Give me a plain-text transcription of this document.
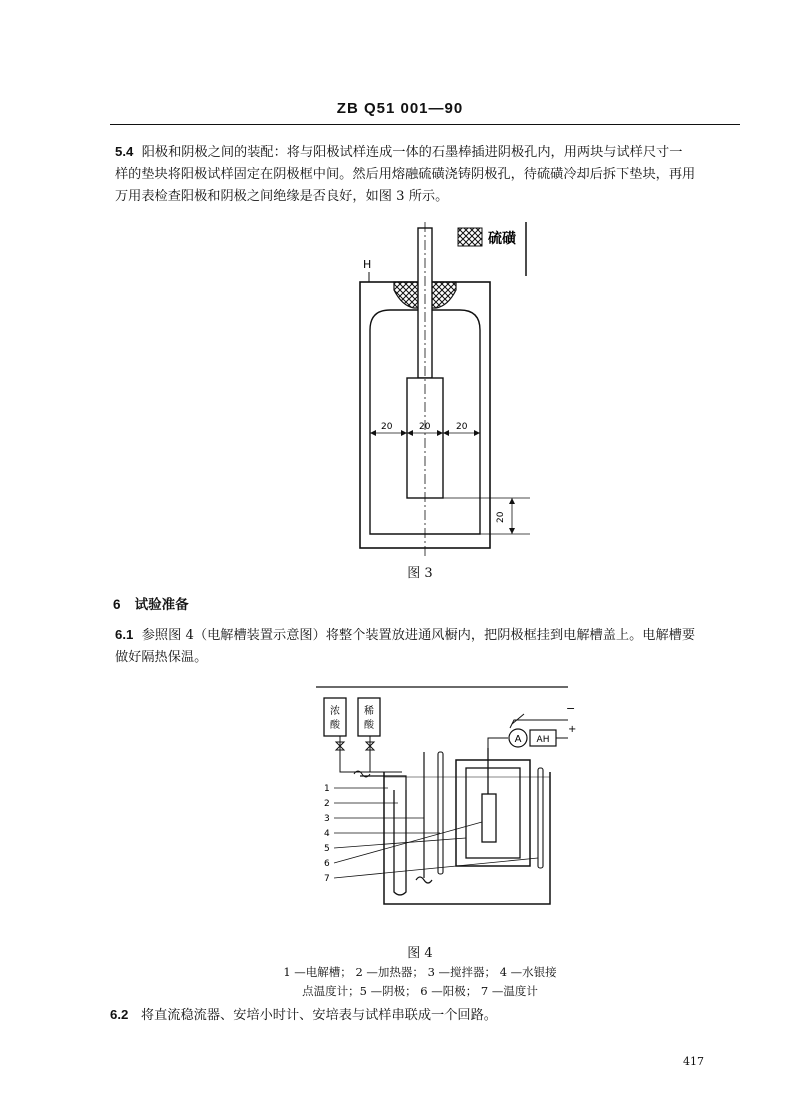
ZB Q51 001—90
5.4 阳极和阴极之间的装配：将与阳极试样连成一体的石墨棒插进阴极孔内，用两块与试样尺寸一
样的垫块将阳极试样固定在阴极框中间。然后用熔融硫磺浇铸阴极孔，待硫磺冷却后拆下垫块，再用
万用表检查阳极和阴极之间绝缘是否良好，如图 3 所示。
硫磺
H
20	20	20
20
图 3
6 试验准备
6.1 参照图 4（电解槽装置示意图）将整个装置放进通风橱内，把阴极框挂到电解槽盖上。电解槽要
做好隔热保温。
浓
酸
稀
酸
A AH
+
−
1
2
3
4
5
6
7
图 4
1 —电解槽； 2 —加热器； 3 —搅拌器； 4 —水银接
点温度计；5 —阴极； 6 —阳极； 7 —温度计
6.2 将直流稳流器、安培小时计、安培表与试样串联成一个回路。
417
